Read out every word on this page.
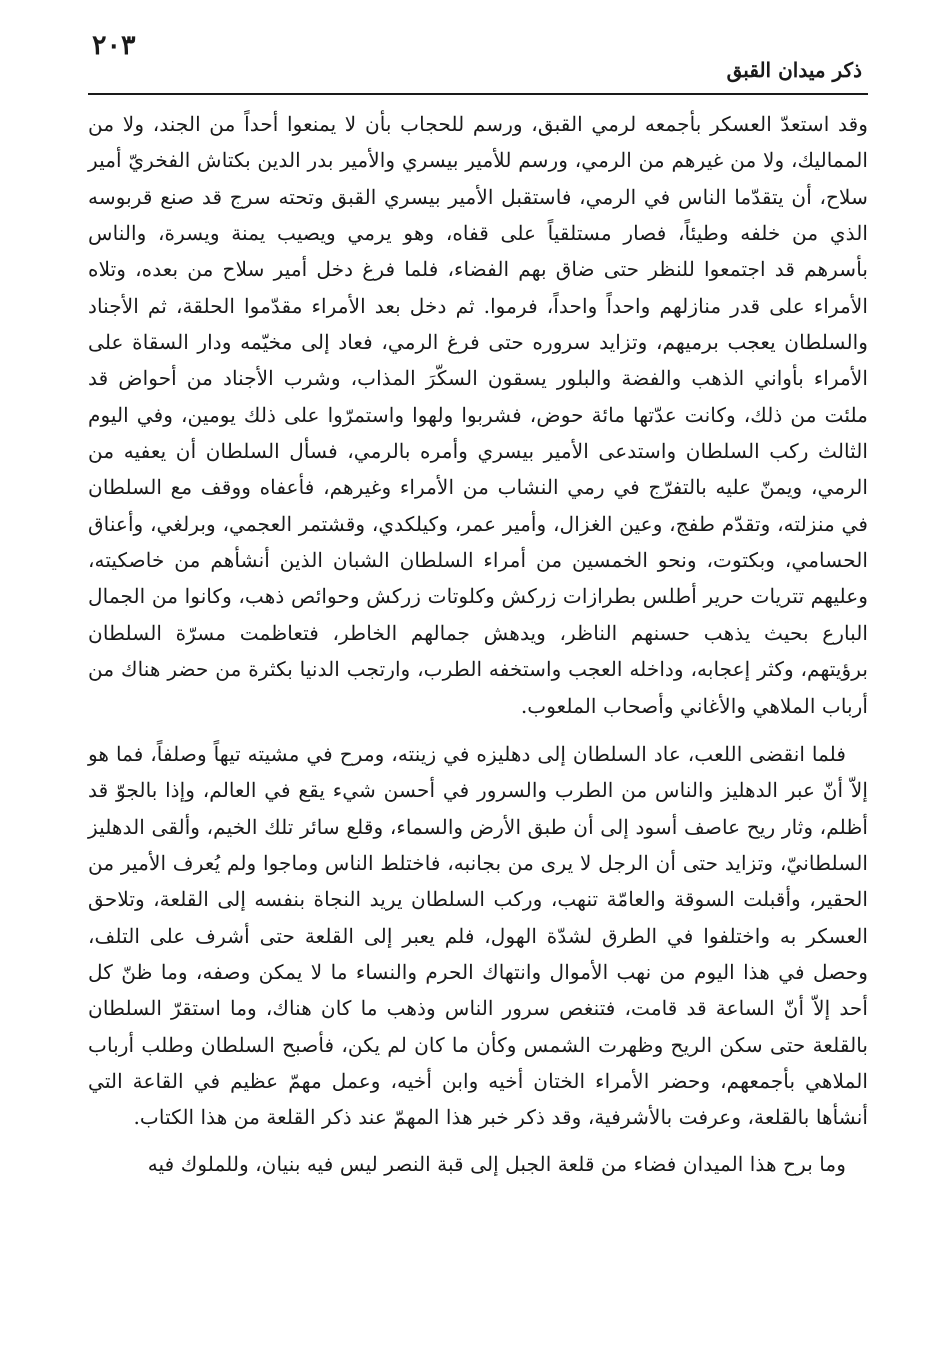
٢٠٣
ذكر ميدان القبق

وقد استعدّ العسكر بأجمعه لرمي القبق، ورسم للحجاب بأن لا يمنعوا أحداً من الجند، ولا من المماليك، ولا من غيرهم من الرمي، ورسم للأمير بيسري والأمير بدر الدين بكتاش الفخريّ أمير سلاح، أن يتقدّما الناس في الرمي، فاستقبل الأمير بيسري القبق وتحته سرج قد صنع قربوسه الذي من خلفه وطيئاً، فصار مستلقياً على قفاه، وهو يرمي ويصيب يمنة ويسرة، والناس بأسرهم قد اجتمعوا للنظر حتى ضاق بهم الفضاء، فلما فرغ دخل أمير سلاح من بعده، وتلاه الأمراء على قدر منازلهم واحداً واحداً، فرموا. ثم دخل بعد الأمراء مقدّموا الحلقة، ثم الأجناد والسلطان يعجب برميهم، وتزايد سروره حتى فرغ الرمي، فعاد إلى مخيّمه ودار السقاة على الأمراء بأواني الذهب والفضة والبلور يسقون السكّرَ المذاب، وشرب الأجناد من أحواض قد ملئت من ذلك، وكانت عدّتها مائة حوض، فشربوا ولهوا واستمرّوا على ذلك يومين، وفي اليوم الثالث ركب السلطان واستدعى الأمير بيسري وأمره بالرمي، فسأل السلطان أن يعفيه من الرمي، ويمنّ عليه بالتفرّج في رمي النشاب من الأمراء وغيرهم، فأعفاه ووقف مع السلطان في منزلته، وتقدّم طفج، وعين الغزال، وأمير عمر، وكيلكدي، وقشتمر العجمي، وبرلغي، وأعناق الحسامي، وبكتوت، ونحو الخمسين من أمراء السلطان الشبان الذين أنشأهم من خاصكيته، وعليهم تتريات حرير أطلس بطرازات زركش وكلوتات زركش وحوائص ذهب، وكانوا من الجمال البارع بحيث يذهب حسنهم الناظر، ويدهش جمالهم الخاطر، فتعاظمت مسرّة السلطان برؤيتهم، وكثر إعجابه، وداخله العجب واستخفه الطرب، وارتجب الدنيا بكثرة من حضر هناك من أرباب الملاهي والأغاني وأصحاب الملعوب.

فلما انقضى اللعب، عاد السلطان إلى دهليزه في زينته، ومرح في مشيته تيهاً وصلفاً، فما هو إلاّ أنّ عبر الدهليز والناس من الطرب والسرور في أحسن شيء يقع في العالم، وإذا بالجوّ قد أظلم، وثار ريح عاصف أسود إلى أن طبق الأرض والسماء، وقلع سائر تلك الخيم، وألقى الدهليز السلطانيّ، وتزايد حتى أن الرجل لا يرى من بجانبه، فاختلط الناس وماجوا ولم يُعرف الأمير من الحقير، وأقبلت السوقة والعامّة تنهب، وركب السلطان يريد النجاة بنفسه إلى القلعة، وتلاحق العسكر به واختلفوا في الطرق لشدّة الهول، فلم يعبر إلى القلعة حتى أشرف على التلف، وحصل في هذا اليوم من نهب الأموال وانتهاك الحرم والنساء ما لا يمكن وصفه، وما ظنّ كل أحد إلاّ أنّ الساعة قد قامت، فتنغص سرور الناس وذهب ما كان هناك، وما استقرّ السلطان بالقلعة حتى سكن الريح وظهرت الشمس وكأن ما كان لم يكن، فأصبح السلطان وطلب أرباب الملاهي بأجمعهم، وحضر الأمراء الختان أخيه وابن أخيه، وعمل مهمّ عظيم في القاعة التي أنشأها بالقلعة، وعرفت بالأشرفية، وقد ذكر خبر هذا المهمّ عند ذكر القلعة من هذا الكتاب.

وما برح هذا الميدان فضاء من قلعة الجبل إلى قبة النصر ليس فيه بنيان، وللملوك فيه
